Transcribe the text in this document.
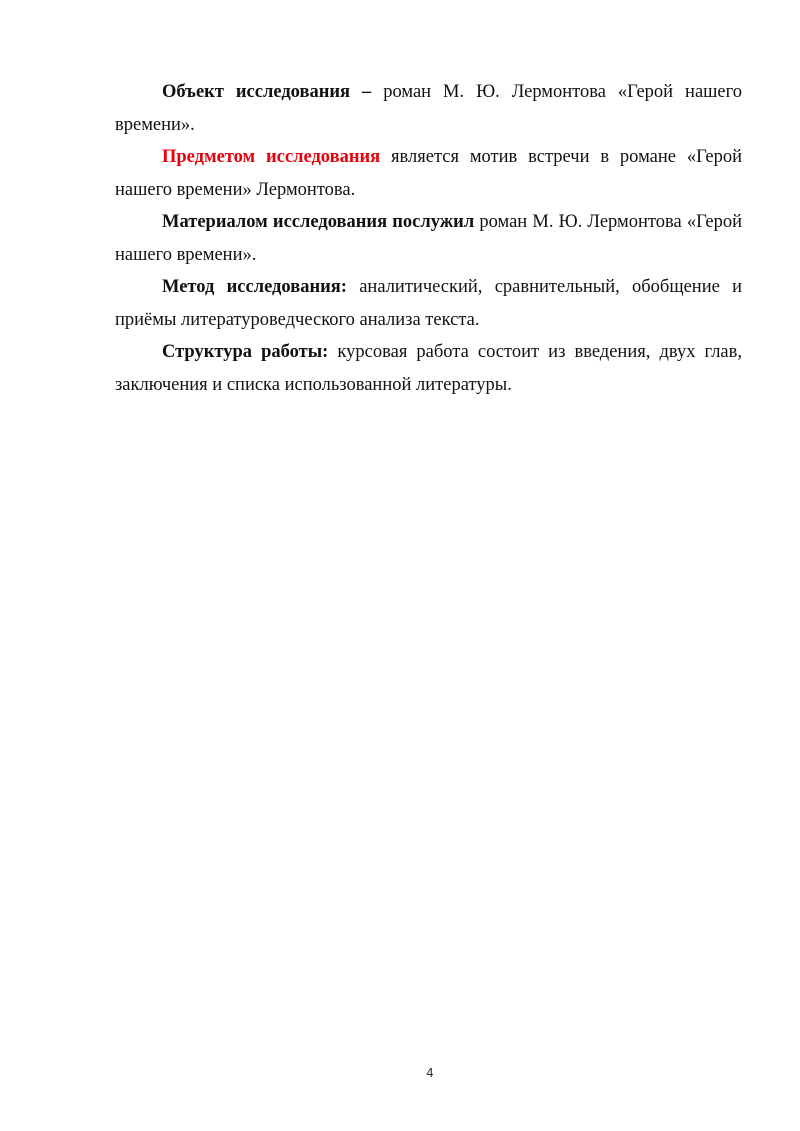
Объект исследования – роман М. Ю. Лермонтова «Герой нашего времени».

Предметом исследования является мотив встречи в романе «Герой нашего времени» Лермонтова.

Материалом исследования послужил роман М. Ю. Лермонтова «Герой нашего времени».

Метод исследования: аналитический, сравнительный, обобщение и приёмы литературоведческого анализа текста.

Структура работы: курсовая работа состоит из введения, двух глав, заключения и списка использованной литературы.

4
